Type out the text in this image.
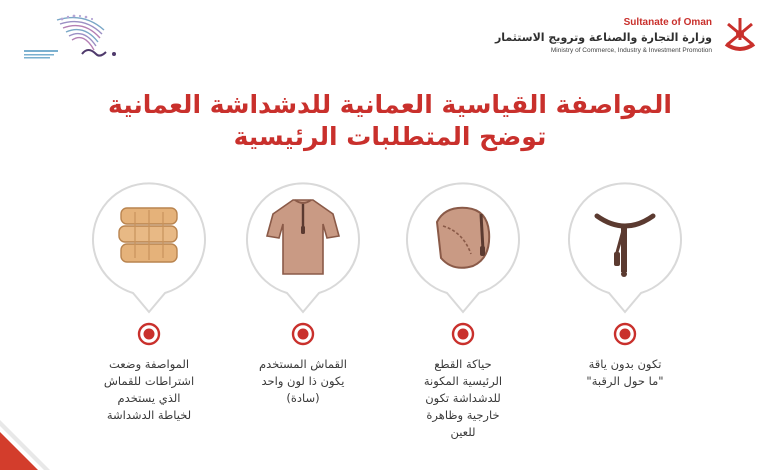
Sultanate of Oman
وزارة التجارة والصناعة وترويج الاستثمار
Ministry of Commerce, Industry & Investment Promotion
المواصفة القياسية العمانية للدشداشة العمانية
توضح المتطلبات الرئيسية
تكون بدون ياقة
"ما حول الرقبة"
حياكة القطع
الرئيسية المكونة
للدشداشة تكون
خارجية وظاهرة
للعين
القماش المستخدم
يكون ذا لون واحد
(سادة)
المواصفة وضعت
اشتراطات للقماش
الذي يستخدم
لخياطة الدشداشة
